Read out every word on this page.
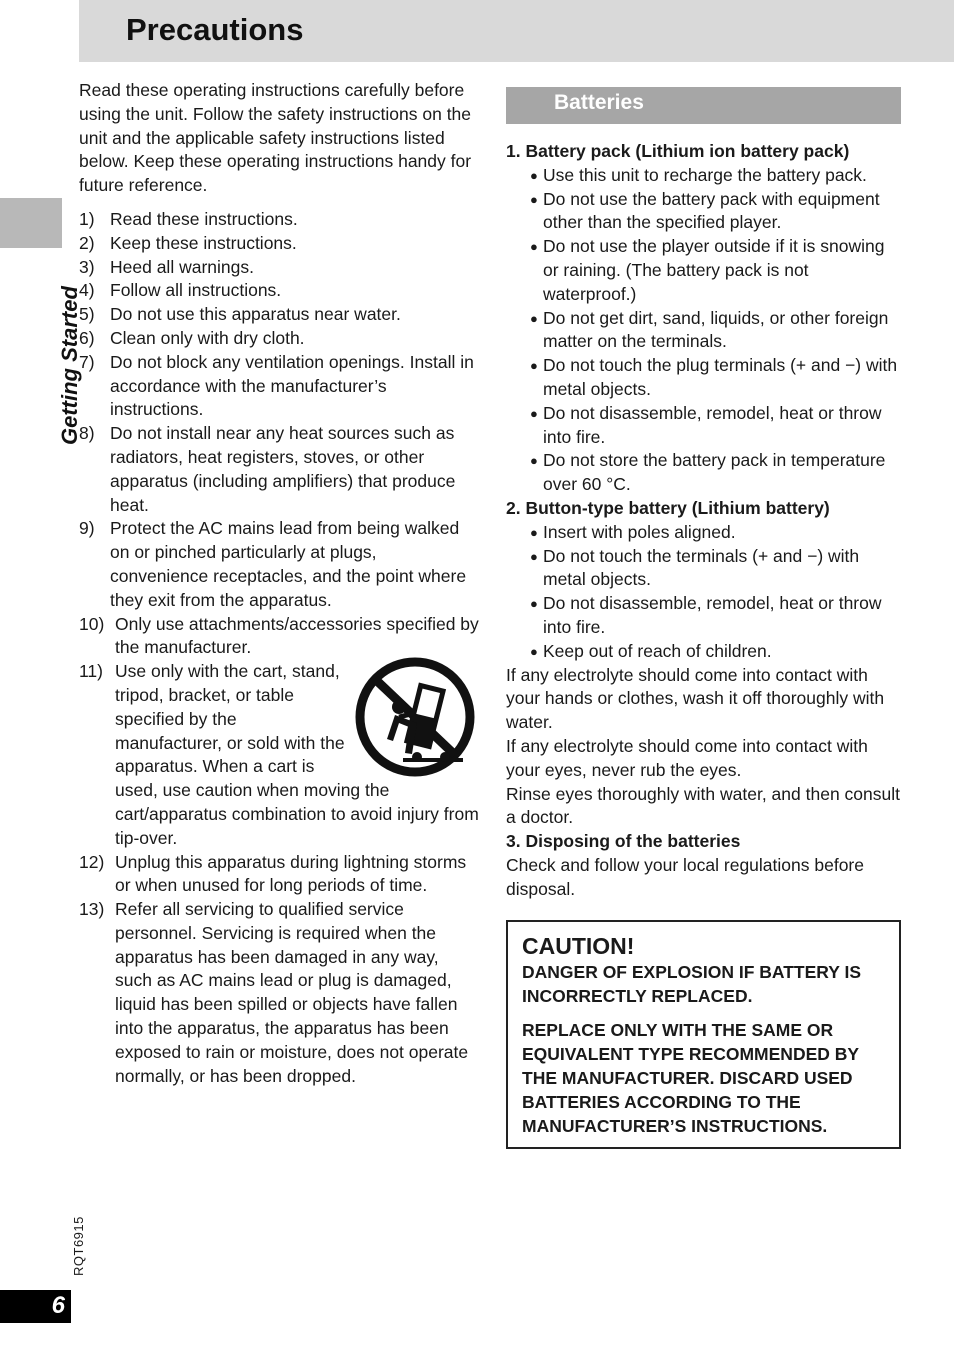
Precautions
Getting Started
RQT6915
6

Read these operating instructions carefully before using the unit. Follow the safety instructions on the unit and the applicable safety instructions listed below. Keep these operating instructions handy for future reference.

1) Read these instructions.
2) Keep these instructions.
3) Heed all warnings.
4) Follow all instructions.
5) Do not use this apparatus near water.
6) Clean only with dry cloth.
7) Do not block any ventilation openings. Install in accordance with the manufacturer’s instructions.
8) Do not install near any heat sources such as radiators, heat registers, stoves, or other apparatus (including amplifiers) that produce heat.
9) Protect the AC mains lead from being walked on or pinched particularly at plugs, convenience receptacles, and the point where they exit from the apparatus.
10) Only use attachments/accessories specified by the manufacturer.
11) Use only with the cart, stand, tripod, bracket, or table specified by the manufacturer, or sold with the apparatus. When a cart is used, use caution when moving the cart/apparatus combination to avoid injury from tip-over.
12) Unplug this apparatus during lightning storms or when unused for long periods of time.
13) Refer all servicing to qualified service personnel. Servicing is required when the apparatus has been damaged in any way, such as AC mains lead or plug is damaged, liquid has been spilled or objects have fallen into the apparatus, the apparatus has been exposed to rain or moisture, does not operate normally, or has been dropped.
Batteries
1. Battery pack (Lithium ion battery pack)
● Use this unit to recharge the battery pack.
● Do not use the battery pack with equipment other than the specified player.
● Do not use the player outside if it is snowing or raining. (The battery pack is not waterproof.)
● Do not get dirt, sand, liquids, or other foreign matter on the terminals.
● Do not touch the plug terminals (+ and −) with metal objects.
● Do not disassemble, remodel, heat or throw into fire.
● Do not store the battery pack in temperature over 60 °C.
2. Button-type battery (Lithium battery)
● Insert with poles aligned.
● Do not touch the terminals (+ and −) with metal objects.
● Do not disassemble, remodel, heat or throw into fire.
● Keep out of reach of children.

If any electrolyte should come into contact with your hands or clothes, wash it off thoroughly with water.

If any electrolyte should come into contact with your eyes, never rub the eyes.

Rinse eyes thoroughly with water, and then consult a doctor.

3. Disposing of the batteries

Check and follow your local regulations before disposal.

CAUTION!

DANGER OF EXPLOSION IF BATTERY IS INCORRECTLY REPLACED.

REPLACE ONLY WITH THE SAME OR EQUIVALENT TYPE RECOMMENDED BY THE MANUFACTURER. DISCARD USED BATTERIES ACCORDING TO THE MANUFACTURER’S INSTRUCTIONS.
